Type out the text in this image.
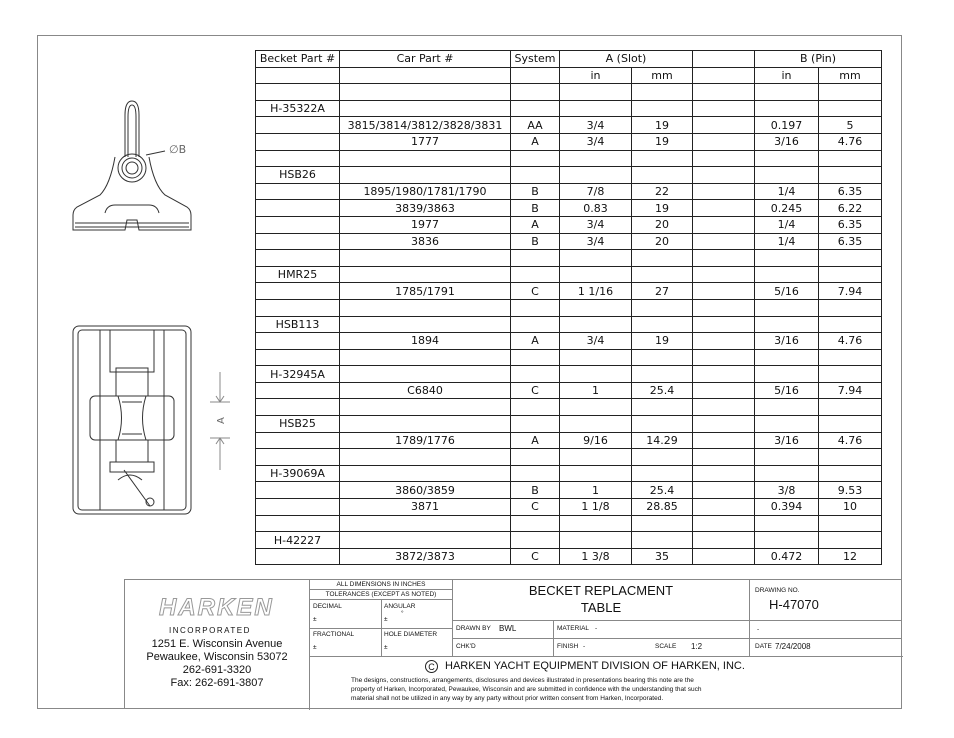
∅B
A
Becket Part #	Car Part #	System	A (Slot)			B (Pin)	
			in	mm		in	mm

H-35322A							
	3815/3814/3812/3828/3831	AA	3/4	19		0.197	5
	1777	A	3/4	19		3/16	4.76

HSB26							
	1895/1980/1781/1790	B	7/8	22		1/4	6.35
	3839/3863	B	0.83	19		0.245	6.22
	1977	A	3/4	20		1/4	6.35
	3836	B	3/4	20		1/4	6.35

HMR25							
	1785/1791	C	1 1/16	27		5/16	7.94

HSB113							
	1894	A	3/4	19		3/16	4.76

H-32945A							
	C6840	C	1	25.4		5/16	7.94

HSB25							
	1789/1776	A	9/16	14.29		3/16	4.76

H-39069A							
	3860/3859	B	1	25.4		3/8	9.53
	3871	C	1 1/8	28.85		0.394	10

H-42227							
	3872/3873	C	1 3/8	35		0.472	12
HARKEN
INCORPORATED
1251 E. Wisconsin Avenue
Pewaukee, Wisconsin 53072
262-691-3320
Fax: 262-691-3807
ALL DIMENSIONS IN INCHES
TOLERANCES (EXCEPT AS NOTED)
DECIMAL
±
ANGULAR
±
°
FRACTIONAL
±
HOLE DIAMETER
±
BECKET REPLACMENT
TABLE
DRAWING NO.
H-47070
DRAWN BY BWL	MATERIAL -	-
CHK'D	FINISH -	SCALE 1:2	DATE 7/24/2008
C HARKEN YACHT EQUIPMENT DIVISION OF HARKEN, INC.
The designs, constructions, arrangements, disclosures and devices illustrated in presentations bearing this note are the
property of Harken, Incorporated, Pewaukee, Wisconsin and are submitted in confidence with the understanding that such
material shall not be utilized in any way by any party without prior written consent from Harken, Incorporated.
